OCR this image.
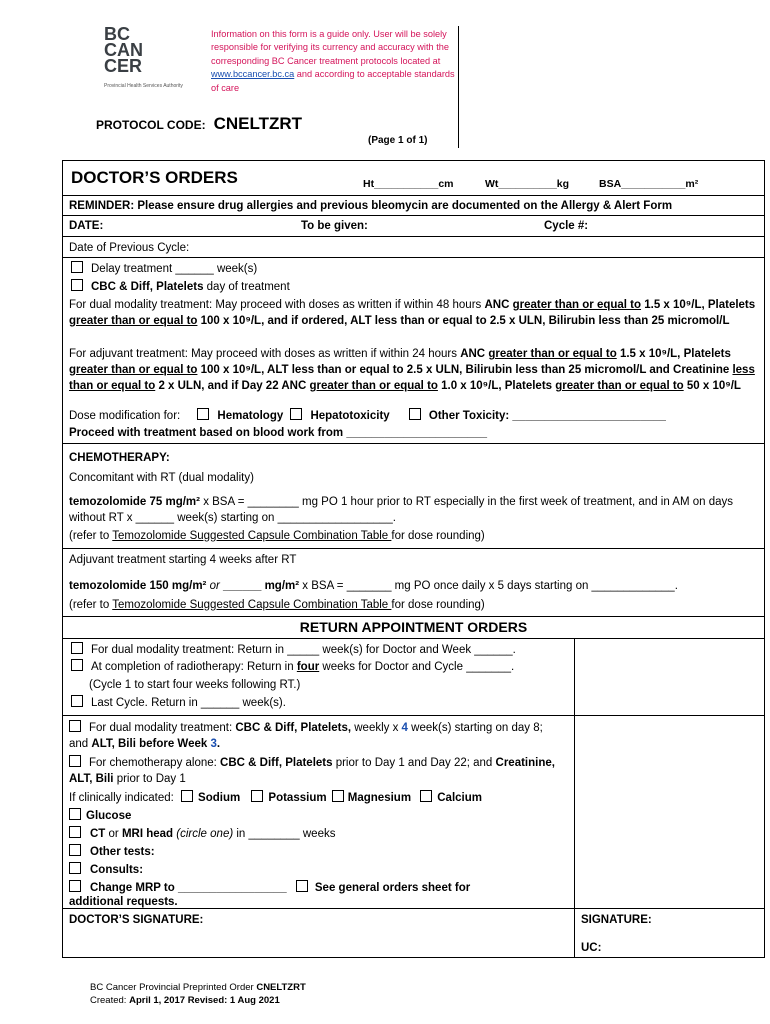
BC
CAN
CER
Provincial Health Services Authority
Information on this form is a guide only. User will be solely responsible for verifying its currency and accuracy with the corresponding BC Cancer treatment protocols located at www.bccancer.bc.ca and according to acceptable standards of care
PROTOCOL CODE: CNELTZRT
(Page 1 of 1)
DOCTOR’S ORDERS	Ht___________cm	Wt__________kg	BSA___________m²
REMINDER: Please ensure drug allergies and previous bleomycin are documented on the Allergy & Alert Form
DATE:	To be given:	Cycle #:
Date of Previous Cycle:
Delay treatment ______ week(s)
CBC & Diff, Platelets day of treatment
For dual modality treatment: May proceed with doses as written if within 48 hours ANC greater than or equal to 1.5 x 10⁹/L, Platelets greater than or equal to 100 x 10⁹/L, and if ordered, ALT less than or equal to 2.5 x ULN, Bilirubin less than 25 micromol/L
For adjuvant treatment: May proceed with doses as written if within 24 hours ANC greater than or equal to 1.5 x 10⁹/L, Platelets greater than or equal to 100 x 10⁹/L, ALT less than or equal to 2.5 x ULN, Bilirubin less than 25 micromol/L and Creatinine less than or equal to 2 x ULN, and if Day 22 ANC greater than or equal to 1.0 x 10⁹/L, Platelets greater than or equal to 50 x 10⁹/L
Dose modification for:	Hematology Hepatotoxicity	Other Toxicity: ________________________
Proceed with treatment based on blood work from ______________________
CHEMOTHERAPY:
Concomitant with RT (dual modality)
temozolomide 75 mg/m² x BSA = ________ mg PO 1 hour prior to RT especially in the first week of treatment, and in AM on days without RT x ______ week(s) starting on __________________.
(refer to Temozolomide Suggested Capsule Combination Table for dose rounding)
Adjuvant treatment starting 4 weeks after RT
temozolomide 150 mg/m² or ______ mg/m² x BSA = _______ mg PO once daily x 5 days starting on _____________.
(refer to Temozolomide Suggested Capsule Combination Table for dose rounding)
RETURN APPOINTMENT ORDERS
For dual modality treatment: Return in _____ week(s) for Doctor and Week ______.
At completion of radiotherapy: Return in four weeks for Doctor and Cycle _______.
(Cycle 1 to start four weeks following RT.)
Last Cycle. Return in ______ week(s).
For dual modality treatment: CBC & Diff, Platelets, weekly x 4 week(s) starting on day 8; and ALT, Bili before Week 3.
For chemotherapy alone: CBC & Diff, Platelets prior to Day 1 and Day 22; and Creatinine, ALT, Bili prior to Day 1
If clinically indicated: Sodium Potassium Magnesium Calcium
Glucose
CT or MRI head (circle one) in ________ weeks
Other tests:
Consults:
Change MRP to _________________ See general orders sheet for
additional requests.
DOCTOR’S SIGNATURE:	SIGNATURE:
UC:
BC Cancer Provincial Preprinted Order CNELTZRT
Created: April 1, 2017 Revised: 1 Aug 2021
